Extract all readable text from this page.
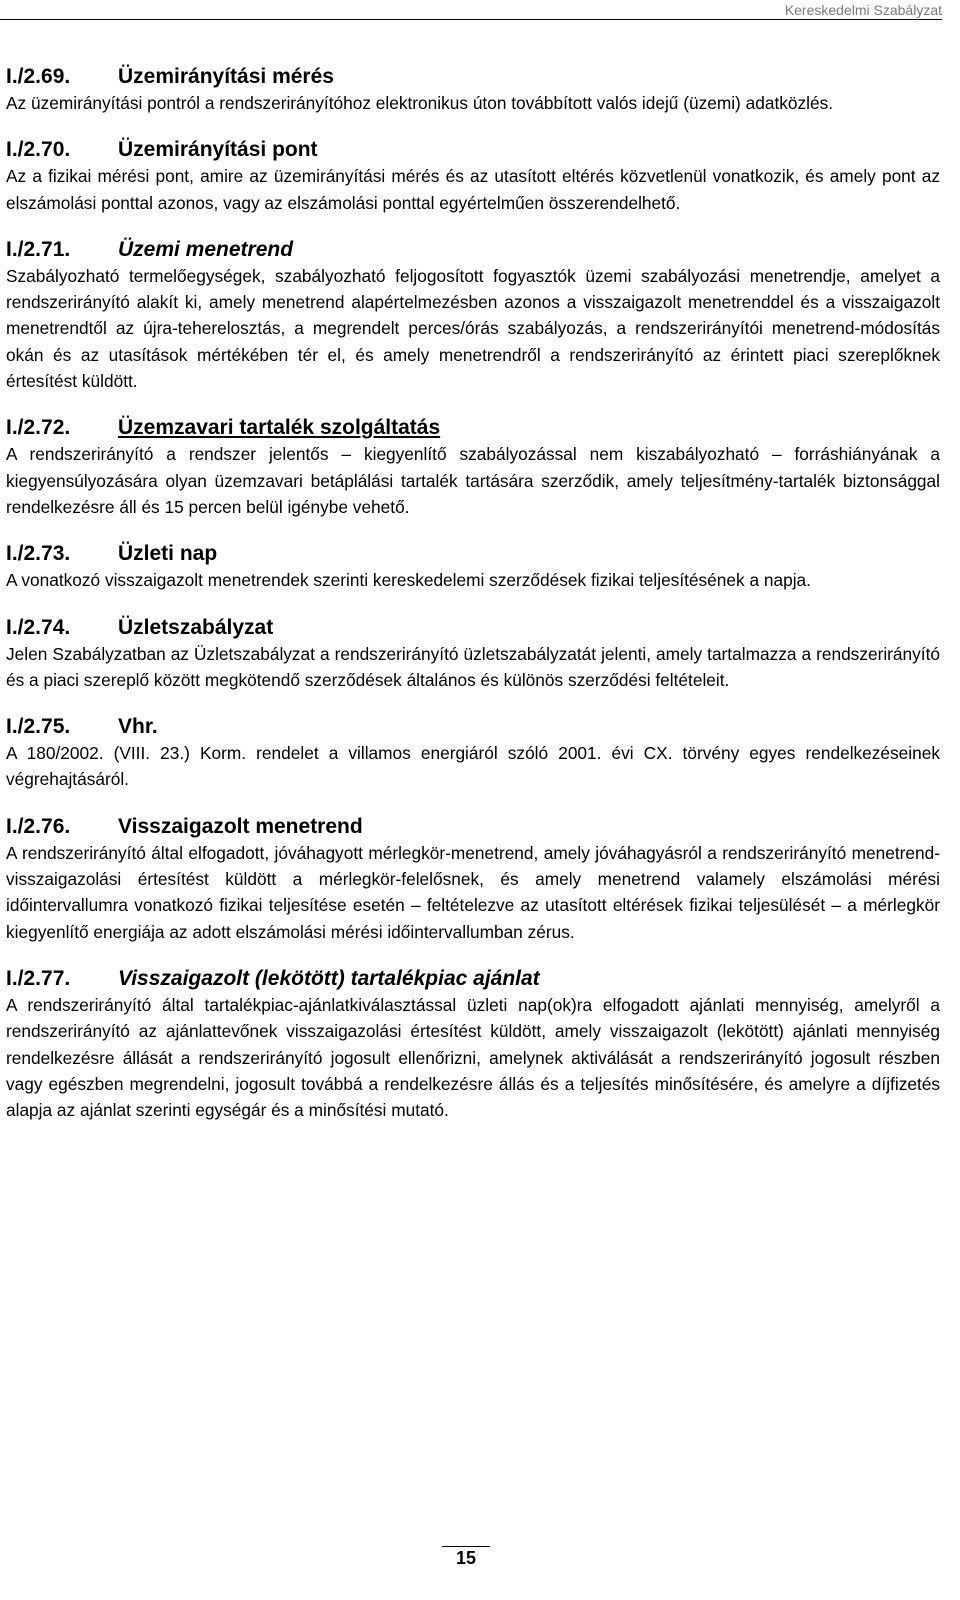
Kereskedelmi Szabályzat
I./2.69.	Üzemirányítási mérés

Az üzemirányítási pontról a rendszerirányítóhoz elektronikus úton továbbított valós idejű (üzemi) adatközlés.

I./2.70.	Üzemirányítási pont

Az a fizikai mérési pont, amire az üzemirányítási mérés és az utasított eltérés közvetlenül vonatkozik, és amely pont az elszámolási ponttal azonos, vagy az elszámolási ponttal egyértelműen összerendelhető.

I./2.71.	Üzemi menetrend

Szabályozható termelőegységek, szabályozható feljogosított fogyasztók üzemi szabályozási menetrendje, amelyet a rendszerirányító alakít ki, amely menetrend alapértelmezésben azonos a visszaigazolt menetrenddel és a visszaigazolt menetrendtől az újra-teherelosztás, a megrendelt perces/órás szabályozás, a rendszerirányítói menetrend-módosítás okán és az utasítások mértékében tér el, és amely menetrendről a rendszerirányító az érintett piaci szereplőknek értesítést küldött.

I./2.72.	Üzemzavari tartalék szolgáltatás

A rendszerirányító a rendszer jelentős – kiegyenlítő szabályozással nem kiszabályozható – forráshiányának a kiegyensúlyozására olyan üzemzavari betáplálási tartalék tartására szerződik, amely teljesítmény-tartalék biztonsággal rendelkezésre áll és 15 percen belül igénybe vehető.

I./2.73.	Üzleti nap

A vonatkozó visszaigazolt menetrendek szerinti kereskedelemi szerződések fizikai teljesítésének a napja.

I./2.74.	Üzletszabályzat

Jelen Szabályzatban az Üzletszabályzat a rendszerirányító üzletszabályzatát jelenti, amely tartalmazza a rendszerirányító és a piaci szereplő között megkötendő szerződések általános és különös szerződési feltételeit.

I./2.75.	Vhr.

A 180/2002. (VIII. 23.) Korm. rendelet a villamos energiáról szóló 2001. évi CX. törvény egyes rendelkezéseinek végrehajtásáról.

I./2.76.	Visszaigazolt menetrend

A rendszerirányító által elfogadott, jóváhagyott mérlegkör-menetrend, amely jóváhagyásról a rendszerirányító menetrend-visszaigazolási értesítést küldött a mérlegkör-felelősnek, és amely menetrend valamely elszámolási mérési időintervallumra vonatkozó fizikai teljesítése esetén – feltételezve az utasított eltérések fizikai teljesülését – a mérlegkör kiegyenlítő energiája az adott elszámolási mérési időintervallumban zérus.

I./2.77.	Visszaigazolt (lekötött) tartalékpiac ajánlat

A rendszerirányító által tartalékpiac-ajánlatkiválasztással üzleti nap(ok)ra elfogadott ajánlati mennyiség, amelyről a rendszerirányító az ajánlattevőnek visszaigazolási értesítést küldött, amely visszaigazolt (lekötött) ajánlati mennyiség rendelkezésre állását a rendszerirányító jogosult ellenőrizni, amelynek aktiválását a rendszerirányító jogosult részben vagy egészben megrendelni, jogosult továbbá a rendelkezésre állás és a teljesítés minősítésére, és amelyre a díjfizetés alapja az ajánlat szerinti egységár és a minősítési mutató.

15
